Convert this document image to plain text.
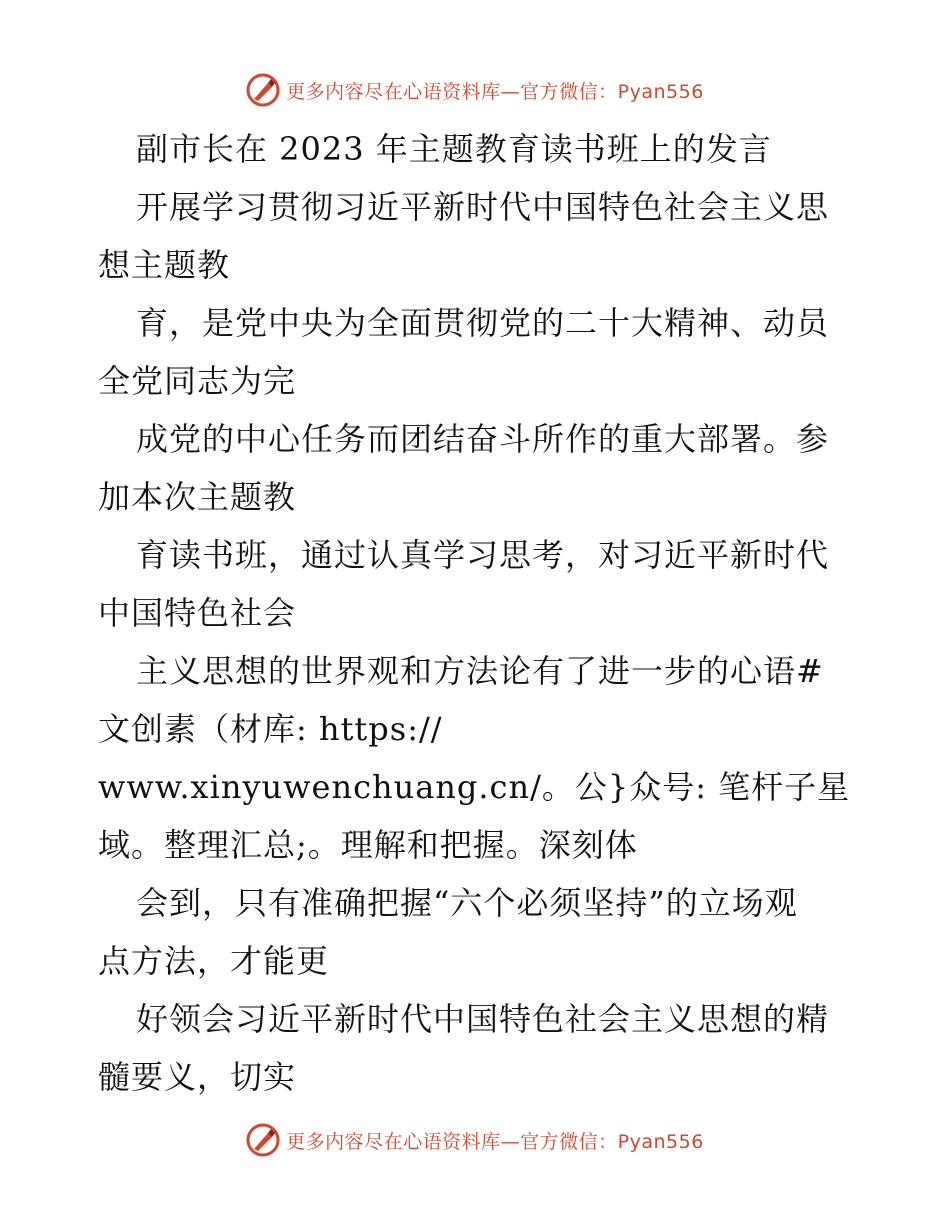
更多内容尽在心语资料库—官方微信：Pyan556
副市长在 2023 年主题教育读书班上的发言
开展学习贯彻习近平新时代中国特色社会主义思
想主题教
育，是党中央为全面贯彻党的二十大精神、动员
全党同志为完
成党的中心任务而团结奋斗所作的重大部署。参
加本次主题教
育读书班，通过认真学习思考，对习近平新时代
中国特色社会
主义思想的世界观和方法论有了进一步的心语#
文创素（材库: https://
www.xinyuwenchuang.cn/。公}众号: 笔杆子星
域。整理汇总;。理解和把握。深刻体
会到，只有准确把握“六个必须坚持”的立场观
点方法，才能更
好领会习近平新时代中国特色社会主义思想的精
髓要义，切实
更多内容尽在心语资料库—官方微信：Pyan556
